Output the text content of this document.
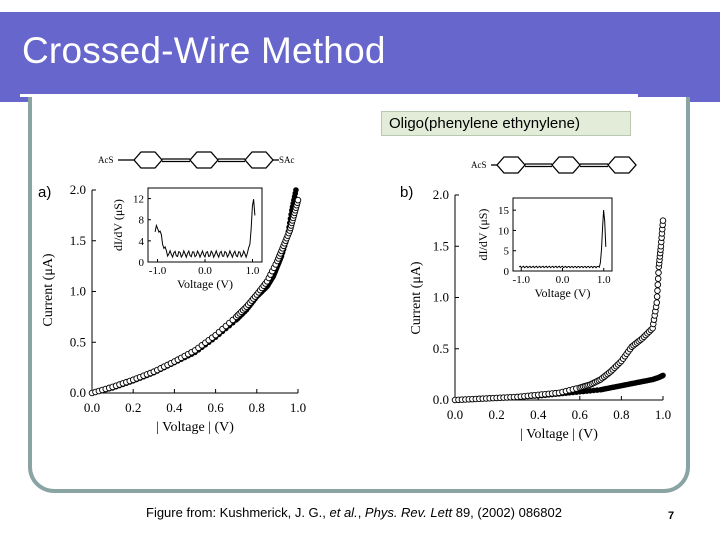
Crossed-Wire Method
Oligo(phenylene ethynylene)
AcS	SAc	AcS
a)
0.0 0.2 0.4 0.6 0.8 1.0
0.0
0.5
1.0
1.5
2.0
| Voltage | (V)
Current (μA)	-1.0	0.0	1.0
0
4
8
12
Voltage (V)
dI/dV (μS)
b)
0.0 0.2 0.4 0.6 0.8 1.0
0.0
0.5
1.0
1.5
2.0
| Voltage | (V)
Current (μA)	-1.0 0.0	1.0
0
5
10
15
Voltage (V)
dI/dV (μS)
Figure from: Kushmerick, J. G., et al., Phys. Rev. Lett 89, (2002) 086802	7
